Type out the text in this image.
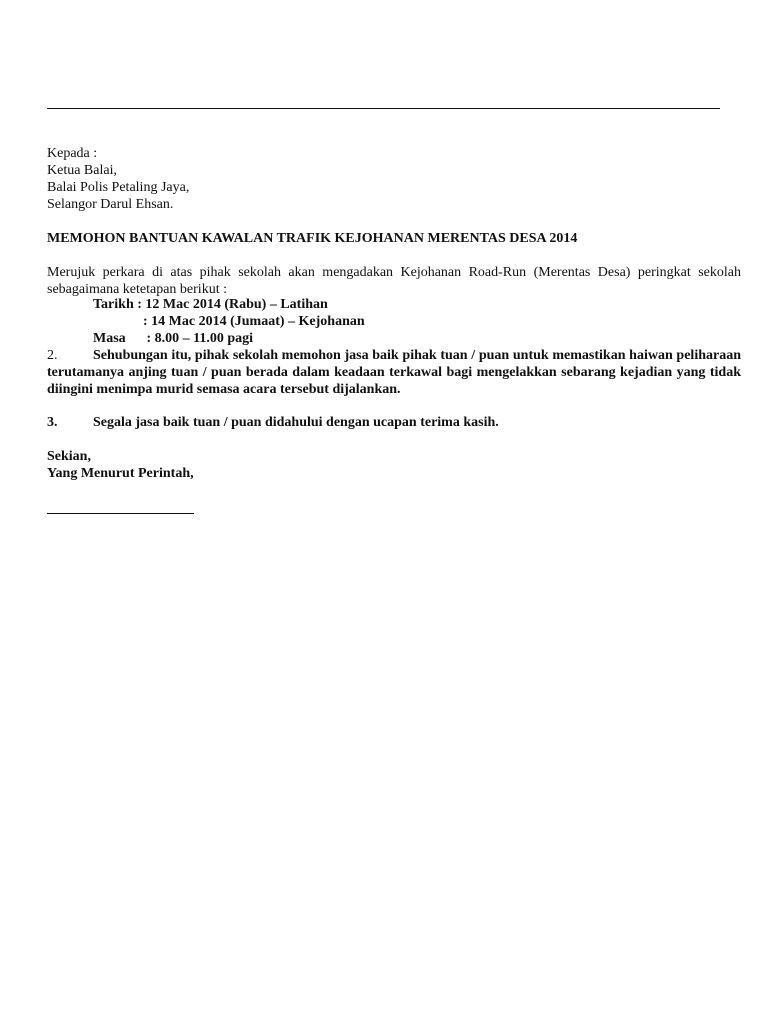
Kepada :
Ketua Balai,
Balai Polis Petaling Jaya,
Selangor Darul Ehsan.
MEMOHON BANTUAN KAWALAN TRAFIK KEJOHANAN MERENTAS DESA 2014
Merujuk perkara di atas pihak sekolah akan mengadakan Kejohanan Road-Run (Merentas Desa) peringkat sekolah sebagaimana ketetapan berikut :
Tarikh : 12 Mac 2014 (Rabu) – Latihan
: 14 Mac 2014 (Jumaat) – Kejohanan
Masa : 8.00 – 11.00 pagi
2.	Sehubungan itu, pihak sekolah memohon jasa baik pihak tuan / puan untuk memastikan haiwan peliharaan terutamanya anjing tuan / puan berada dalam keadaan terkawal bagi mengelakkan sebarang kejadian yang tidak diingini menimpa murid semasa acara tersebut dijalankan.
3.	Segala jasa baik tuan / puan didahului dengan ucapan terima kasih.
Sekian,
Yang Menurut Perintah,
